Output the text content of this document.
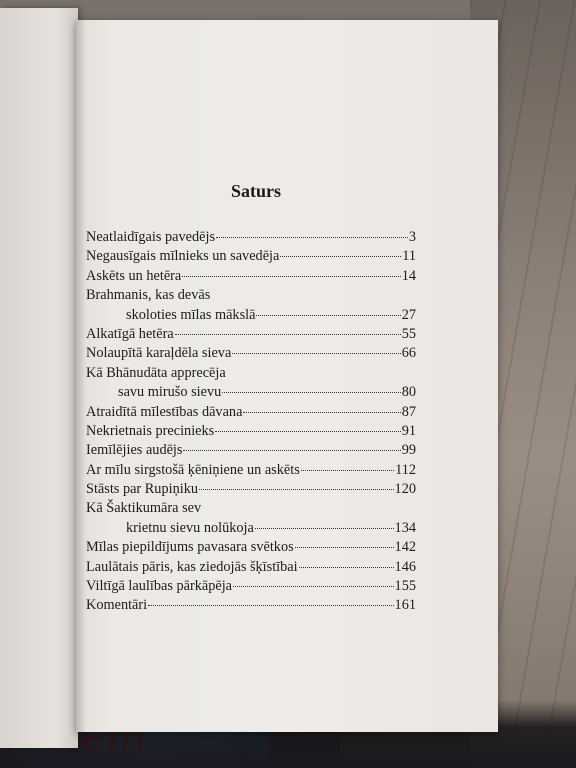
Saturs
Neatlaidīgais pavedējs	3
Negausīgais mīlnieks un savedēja	11
Askēts un hetēra	14
Brahmanis, kas devās
skoloties mīlas mākslā	27
Alkatīgā hetēra	55
Nolaupītā karaļdēla sieva	66
Kā Bhānudāta apprecēja
savu mirušo sievu	80
Atraidītā mīlestības dāvana	87
Nekrietnais precinieks	91
Iemīlējies audējs	99
Ar mīlu sirgstošā ķēniņiene un askēts	112
Stāsts par Rupiņiku	120
Kā Šaktikumāra sev
krietnu sievu nolūkoja	134
Mīlas piepildījums pavasara svētkos	142
Laulātais pāris, kas ziedojās šķīstībai	146
Viltīgā laulības pārkāpēja	155
Komentāri	161
